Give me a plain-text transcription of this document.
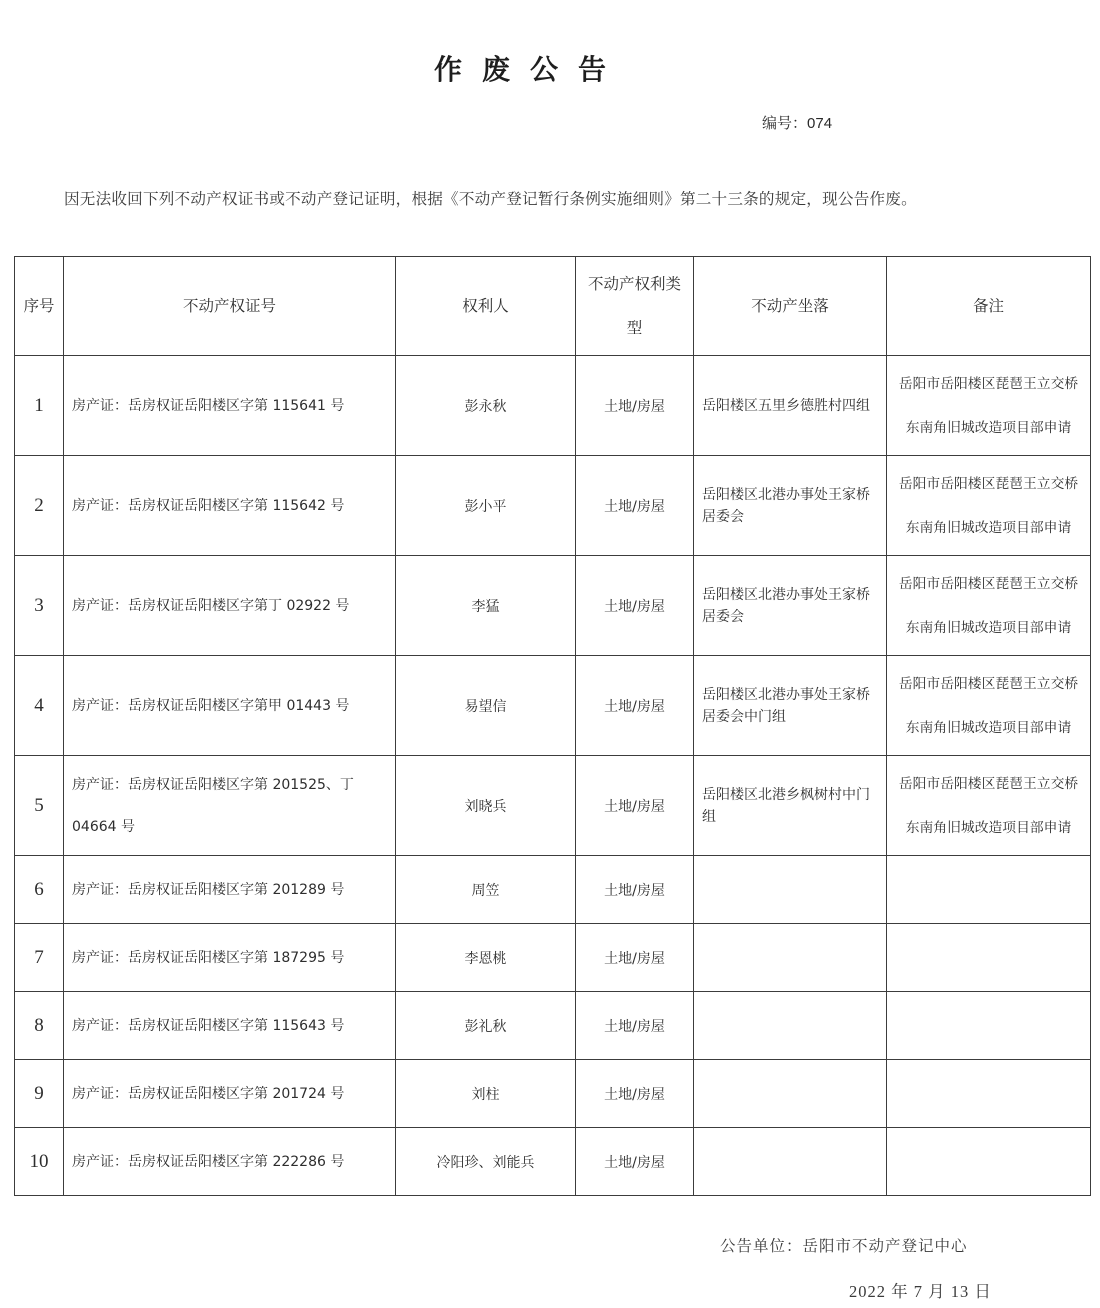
作废公告
编号：074
因无法收回下列不动产权证书或不动产登记证明，根据《不动产登记暂行条例实施细则》第二十三条的规定，现公告作废。
序号	不动产权证号	权利人	不动产权利类型	不动产坐落	备注
1	房产证：岳房权证岳阳楼区字第 115641 号	彭永秋	土地/房屋	岳阳楼区五里乡德胜村四组	岳阳市岳阳楼区琵琶王立交桥东南角旧城改造项目部申请
2	房产证：岳房权证岳阳楼区字第 115642 号	彭小平	土地/房屋	岳阳楼区北港办事处王家桥居委会	岳阳市岳阳楼区琵琶王立交桥东南角旧城改造项目部申请
3	房产证：岳房权证岳阳楼区字第丁 02922 号	李猛	土地/房屋	岳阳楼区北港办事处王家桥居委会	岳阳市岳阳楼区琵琶王立交桥东南角旧城改造项目部申请
4	房产证：岳房权证岳阳楼区字第甲 01443 号	易望信	土地/房屋	岳阳楼区北港办事处王家桥居委会中门组	岳阳市岳阳楼区琵琶王立交桥东南角旧城改造项目部申请
5	房产证：岳房权证岳阳楼区字第 201525、丁 04664 号	刘晓兵	土地/房屋	岳阳楼区北港乡枫树村中门组	岳阳市岳阳楼区琵琶王立交桥东南角旧城改造项目部申请
6	房产证：岳房权证岳阳楼区字第 201289 号	周笠	土地/房屋		
7	房产证：岳房权证岳阳楼区字第 187295 号	李恩桃	土地/房屋		
8	房产证：岳房权证岳阳楼区字第 115643 号	彭礼秋	土地/房屋		
9	房产证：岳房权证岳阳楼区字第 201724 号	刘柱	土地/房屋		
10	房产证：岳房权证岳阳楼区字第 222286 号	冷阳珍、刘能兵	土地/房屋		
公告单位：岳阳市不动产登记中心
2022 年 7 月 13 日
